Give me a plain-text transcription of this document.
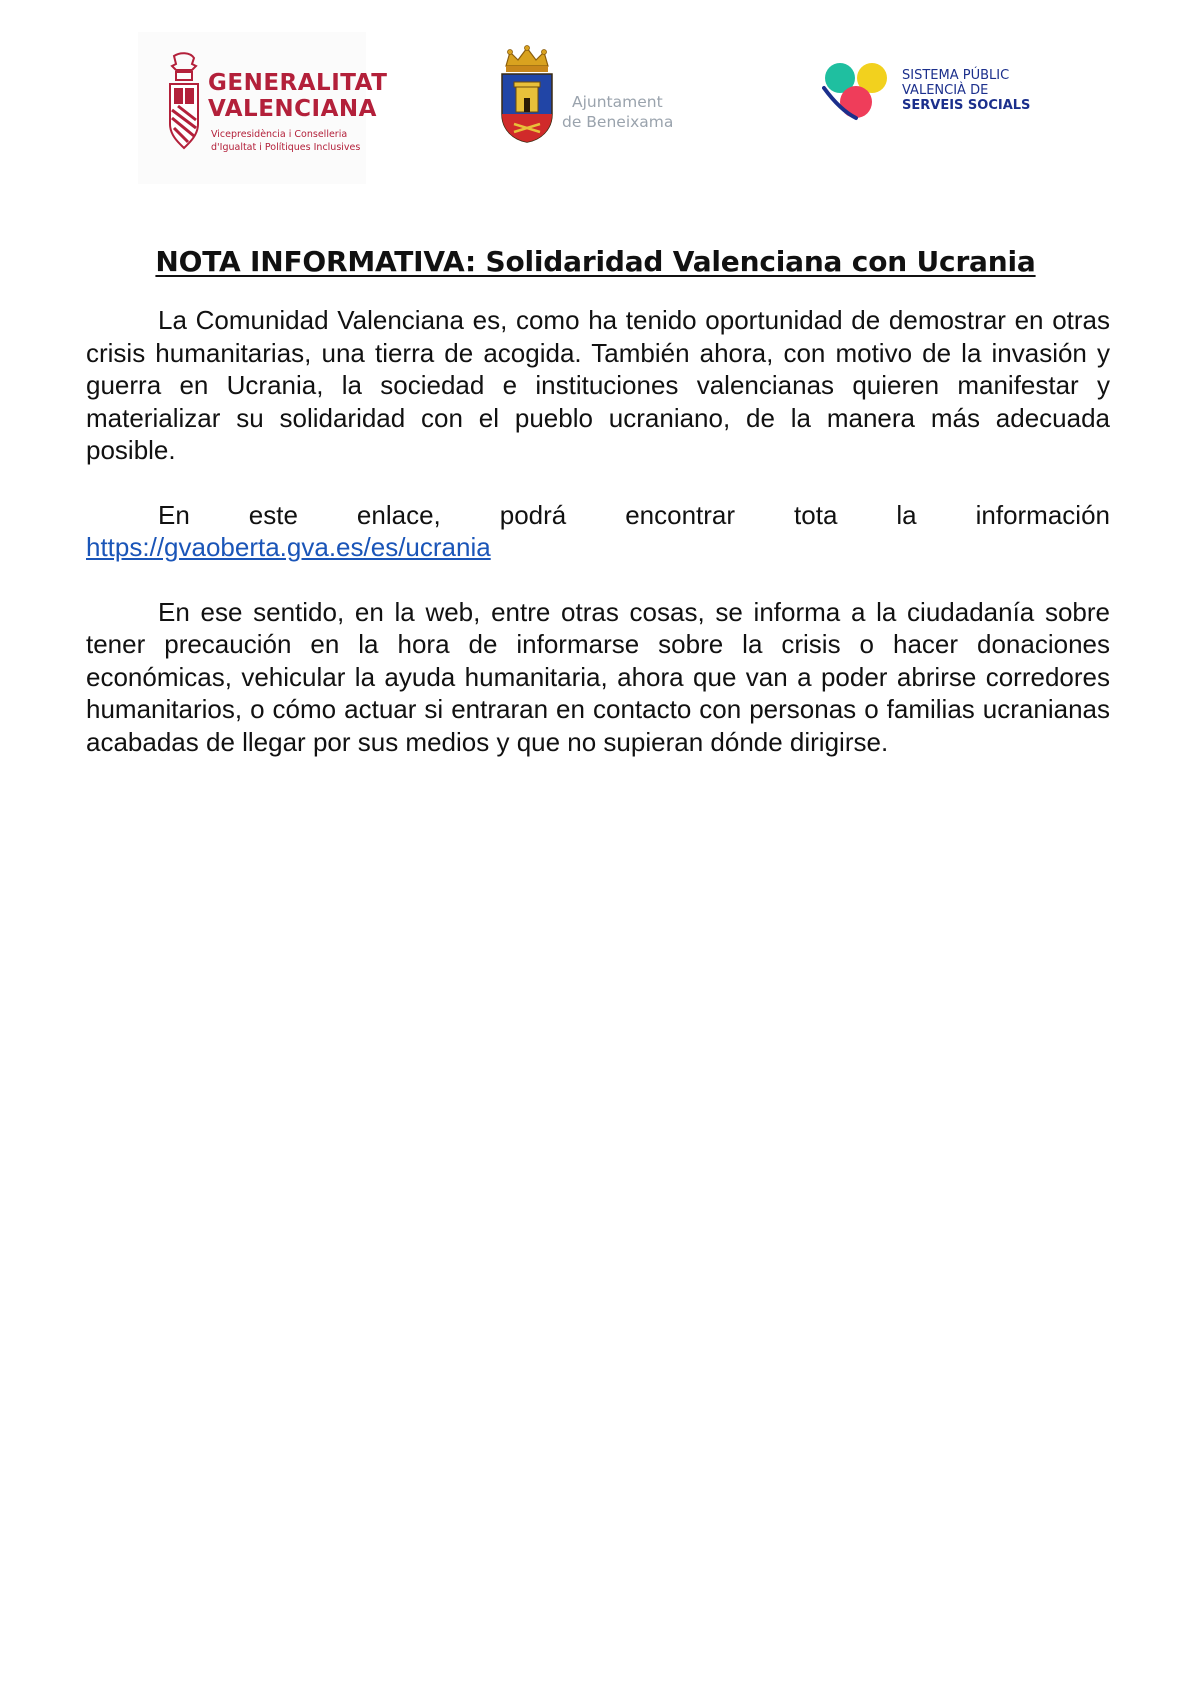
GENERALITAT
VALENCIANA
Vicepresidència i Conselleria
d'Igualtat i Polítiques Inclusives
Ajuntament
de Beneixama
SISTEMA PÚBLIC
VALENCIÀ DE
SERVEIS SOCIALS
NOTA INFORMATIVA: Solidaridad Valenciana con Ucrania

La Comunidad Valenciana es, como ha tenido oportunidad de demostrar en otras crisis humanitarias, una tierra de acogida. También ahora, con motivo de la invasión y guerra en Ucrania, la sociedad e instituciones valencianas quieren manifestar y materializar su solidaridad con el pueblo ucraniano, de la manera más adecuada posible.

En este enlace, podrá encontrar tota la información

https://gvaoberta.gva.es/es/ucrania

En ese sentido, en la web, entre otras cosas, se informa a la ciudadanía sobre tener precaución en la hora de informarse sobre la crisis o hacer donaciones económicas, vehicular la ayuda humanitaria, ahora que van a poder abrirse corredores humanitarios, o cómo actuar si entraran en contacto con personas o familias ucranianas acabadas de llegar por sus medios y que no supieran dónde dirigirse.
